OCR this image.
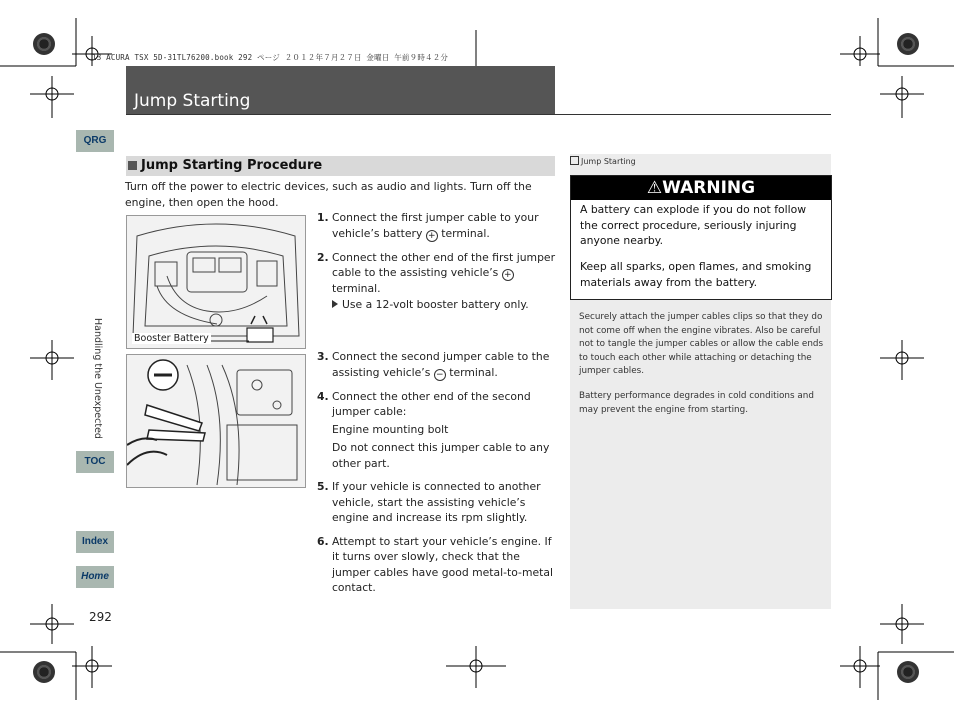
13 ACURA TSX 5D-31TL76200.book 292 ページ ２０１２年７月２７日 金曜日 午前９時４２分
Jump Starting
QRG
Handling the Unexpected
TOC
Index
Home
292
Jump Starting Procedure
Turn off the power to electric devices, such as audio and lights. Turn off the engine, then open the hood.
Booster Battery
1. Connect the first jumper cable to your vehicle’s battery + terminal.
2. Connect the other end of the first jumper cable to the assisting vehicle’s + terminal.
Use a 12-volt booster battery only.
3. Connect the second jumper cable to the assisting vehicle’s − terminal.
4. Connect the other end of the second jumper cable:
Engine mounting bolt
Do not connect this jumper cable to any other part.
5. If your vehicle is connected to another vehicle, start the assisting vehicle’s engine and increase its rpm slightly.
6. Attempt to start your vehicle’s engine. If it turns over slowly, check that the jumper cables have good metal-to-metal contact.
Jump Starting
⚠WARNING
A battery can explode if you do not follow the correct procedure, seriously injuring anyone nearby.
Keep all sparks, open flames, and smoking materials away from the battery.
Securely attach the jumper cables clips so that they do not come off when the engine vibrates. Also be careful not to tangle the jumper cables or allow the cable ends to touch each other while attaching or detaching the jumper cables.
Battery performance degrades in cold conditions and may prevent the engine from starting.
